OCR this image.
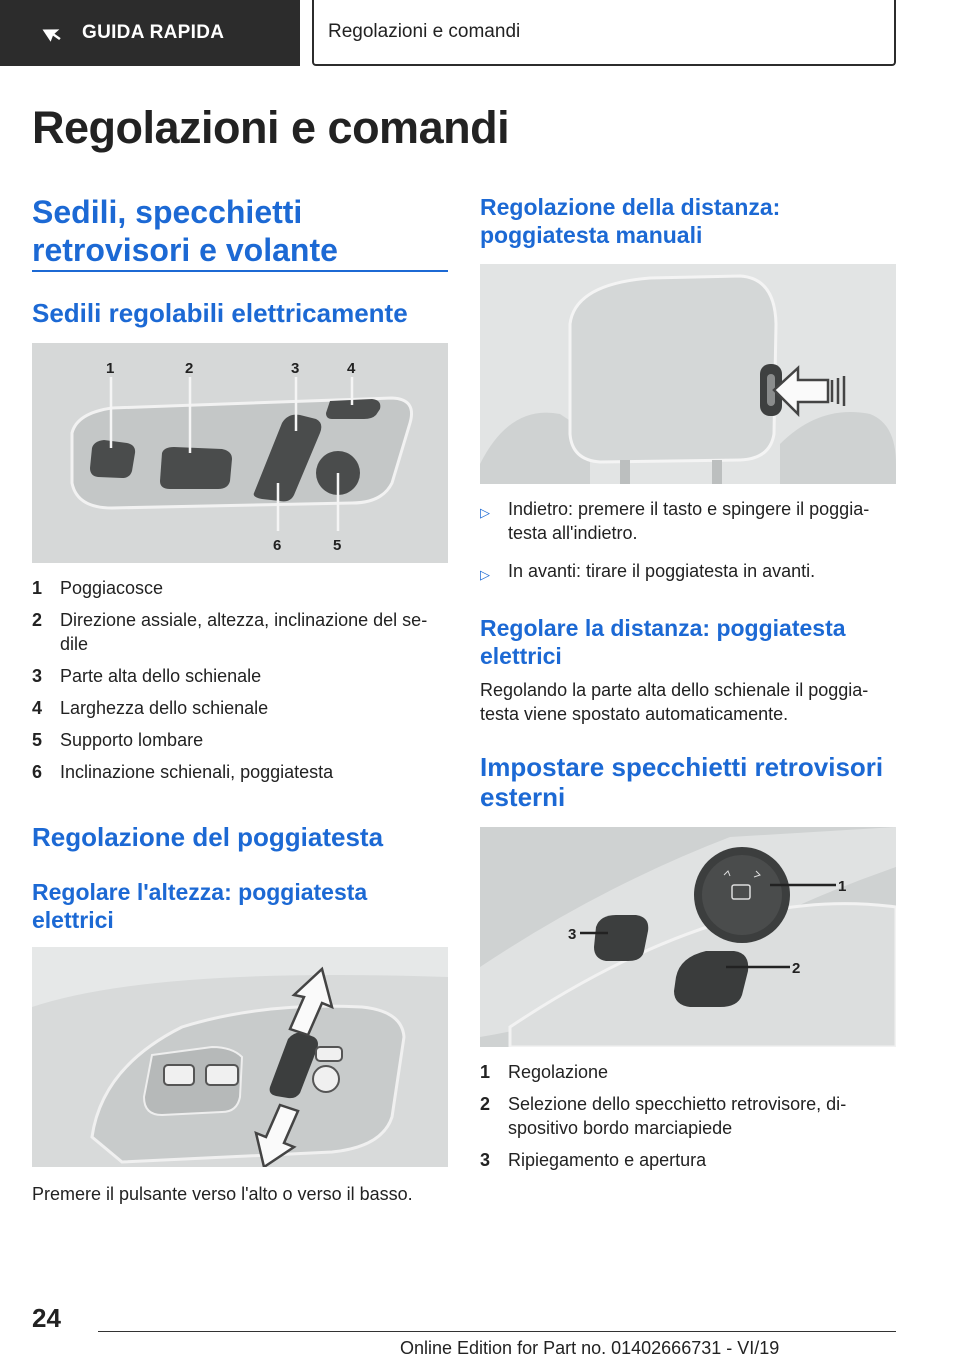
GUIDA RAPIDA	Regolazioni e comandi
Regolazioni e comandi
Sedili, specchietti retrovisori e volante
Sedili regolabili elettricamente
1	2	3	4
5
6
1 Poggiacosce
2 Direzione assiale, altezza, inclinazione del sedile
3 Parte alta dello schienale
4 Larghezza dello schienale
5 Supporto lombare
6 Inclinazione schienali, poggiatesta
Regolazione del poggiatesta
Regolare l'altezza: poggiatesta elettrici
Premere il pulsante verso l'alto o verso il basso.
Regolazione della distanza: poggiatesta manuali
▷	Indietro: premere il tasto e spingere il poggiatesta all'indietro.
▷	In avanti: tirare il poggiatesta in avanti.
Regolare la distanza: poggiatesta elettrici
Regolando la parte alta dello schienale il poggiatesta viene spostato automaticamente.
Impostare specchietti retrovisori esterni
1
2
3
1 Regolazione
2 Selezione dello specchietto retrovisore, dispositivo bordo marciapiede
3 Ripiegamento e apertura
24
Online Edition for Part no. 01402666731 - VI/19
